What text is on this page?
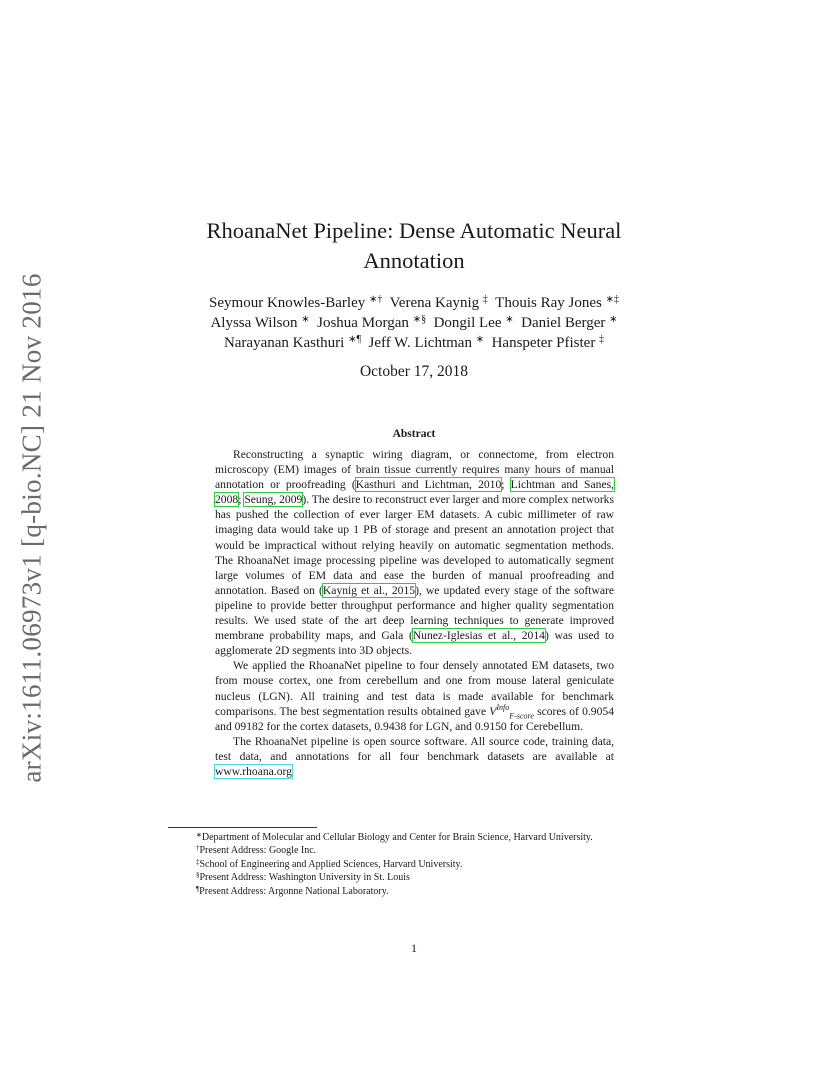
arXiv:1611.06973v1 [q-bio.NC] 21 Nov 2016
RhoanaNet Pipeline: Dense Automatic Neural Annotation
Seymour Knowles-Barley ∗† Verena Kaynig ‡ Thouis Ray Jones ∗‡
Alyssa Wilson ∗ Joshua Morgan ∗§ Dongil Lee ∗ Daniel Berger ∗
Narayanan Kasthuri ∗¶ Jeff W. Lichtman ∗ Hanspeter Pfister ‡
October 17, 2018
Abstract

Reconstructing a synaptic wiring diagram, or connectome, from electron microscopy (EM) images of brain tissue currently requires many hours of manual annotation or proofreading (Kasthuri and Lichtman, 2010; Lichtman and Sanes, 2008; Seung, 2009). The desire to reconstruct ever larger and more complex networks has pushed the collection of ever larger EM datasets. A cubic millimeter of raw imaging data would take up 1 PB of storage and present an annotation project that would be impractical without relying heavily on automatic segmentation methods. The RhoanaNet image processing pipeline was developed to automatically segment large volumes of EM data and ease the burden of manual proofreading and annotation. Based on (Kaynig et al., 2015), we updated every stage of the software pipeline to provide better throughput performance and higher quality segmentation results. We used state of the art deep learning techniques to generate improved membrane probability maps, and Gala (Nunez-Iglesias et al., 2014) was used to agglomerate 2D segments into 3D objects.

We applied the RhoanaNet pipeline to four densely annotated EM datasets, two from mouse cortex, one from cerebellum and one from mouse lateral geniculate nucleus (LGN). All training and test data is made available for benchmark comparisons. The best segmentation results obtained gave $V^{Info}_{F-score}$ scores of 0.9054 and 09182 for the cortex datasets, 0.9438 for LGN, and 0.9150 for Cerebellum.

The RhoanaNet pipeline is open source software. All source code, training data, test data, and annotations for all four benchmark datasets are available at www.rhoana.org

∗Department of Molecular and Cellular Biology and Center for Brain Science, Harvard University.

†Present Address: Google Inc.

‡School of Engineering and Applied Sciences, Harvard University.

§Present Address: Washington University in St. Louis

¶Present Address: Argonne National Laboratory.

1
